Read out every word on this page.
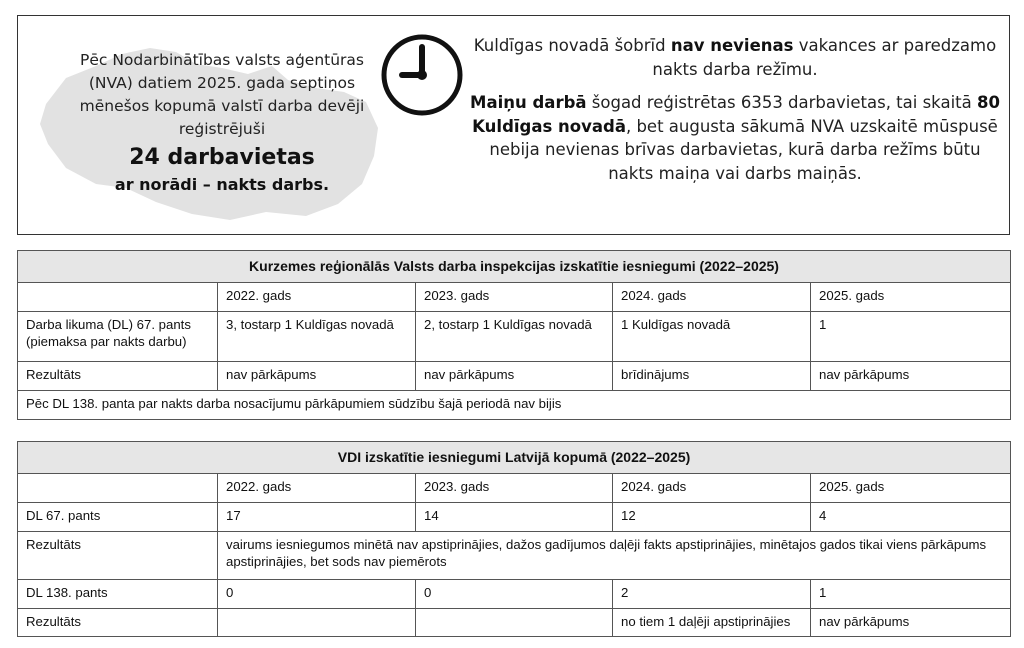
Pēc Nodarbinātības valsts aģentūras (NVA) datiem 2025. gada septiņos mēnešos kopumā valstī darba devēji reģistrējuši
24 darbavietas
ar norādi – nakts darbs.
Kuldīgas novadā šobrīd nav nevienas vakances ar paredzamo nakts darba režīmu.
Maiņu darbā šogad reģistrētas 6353 darbavietas, tai skaitā 80 Kuldīgas novadā, bet augusta sākumā NVA uzskaitē mūspusē nebija nevienas brīvas darbavietas, kurā darba režīms būtu nakts maiņa vai darbs maiņās.
Kurzemes reģionālās Valsts darba inspekcijas izskatītie iesniegumi (2022–2025)				
	2022. gads	2023. gads	2024. gads	2025. gads
Darba likuma (DL) 67. pants (piemaksa par nakts darbu)	3, tostarp 1 Kuldīgas novadā	2, tostarp 1 Kuldīgas novadā	1 Kuldīgas novadā	1
Rezultāts	nav pārkāpums	nav pārkāpums	brīdinājums	nav pārkāpums
Pēc DL 138. panta par nakts darba nosacījumu pārkāpumiem sūdzību šajā periodā nav bijis				
VDI izskatītie iesniegumi Latvijā kopumā (2022–2025)				
	2022. gads	2023. gads	2024. gads	2025. gads
DL 67. pants	17	14	12	4
Rezultāts	vairums iesniegumos minētā nav apstiprinājies, dažos gadījumos daļēji fakts apstiprinājies, minētajos gados tikai viens pārkāpums apstiprinājies, bet sods nav piemērots			
DL 138. pants	0	0	2	1
Rezultāts			no tiem 1 daļēji apstiprinājies	nav pārkāpums
